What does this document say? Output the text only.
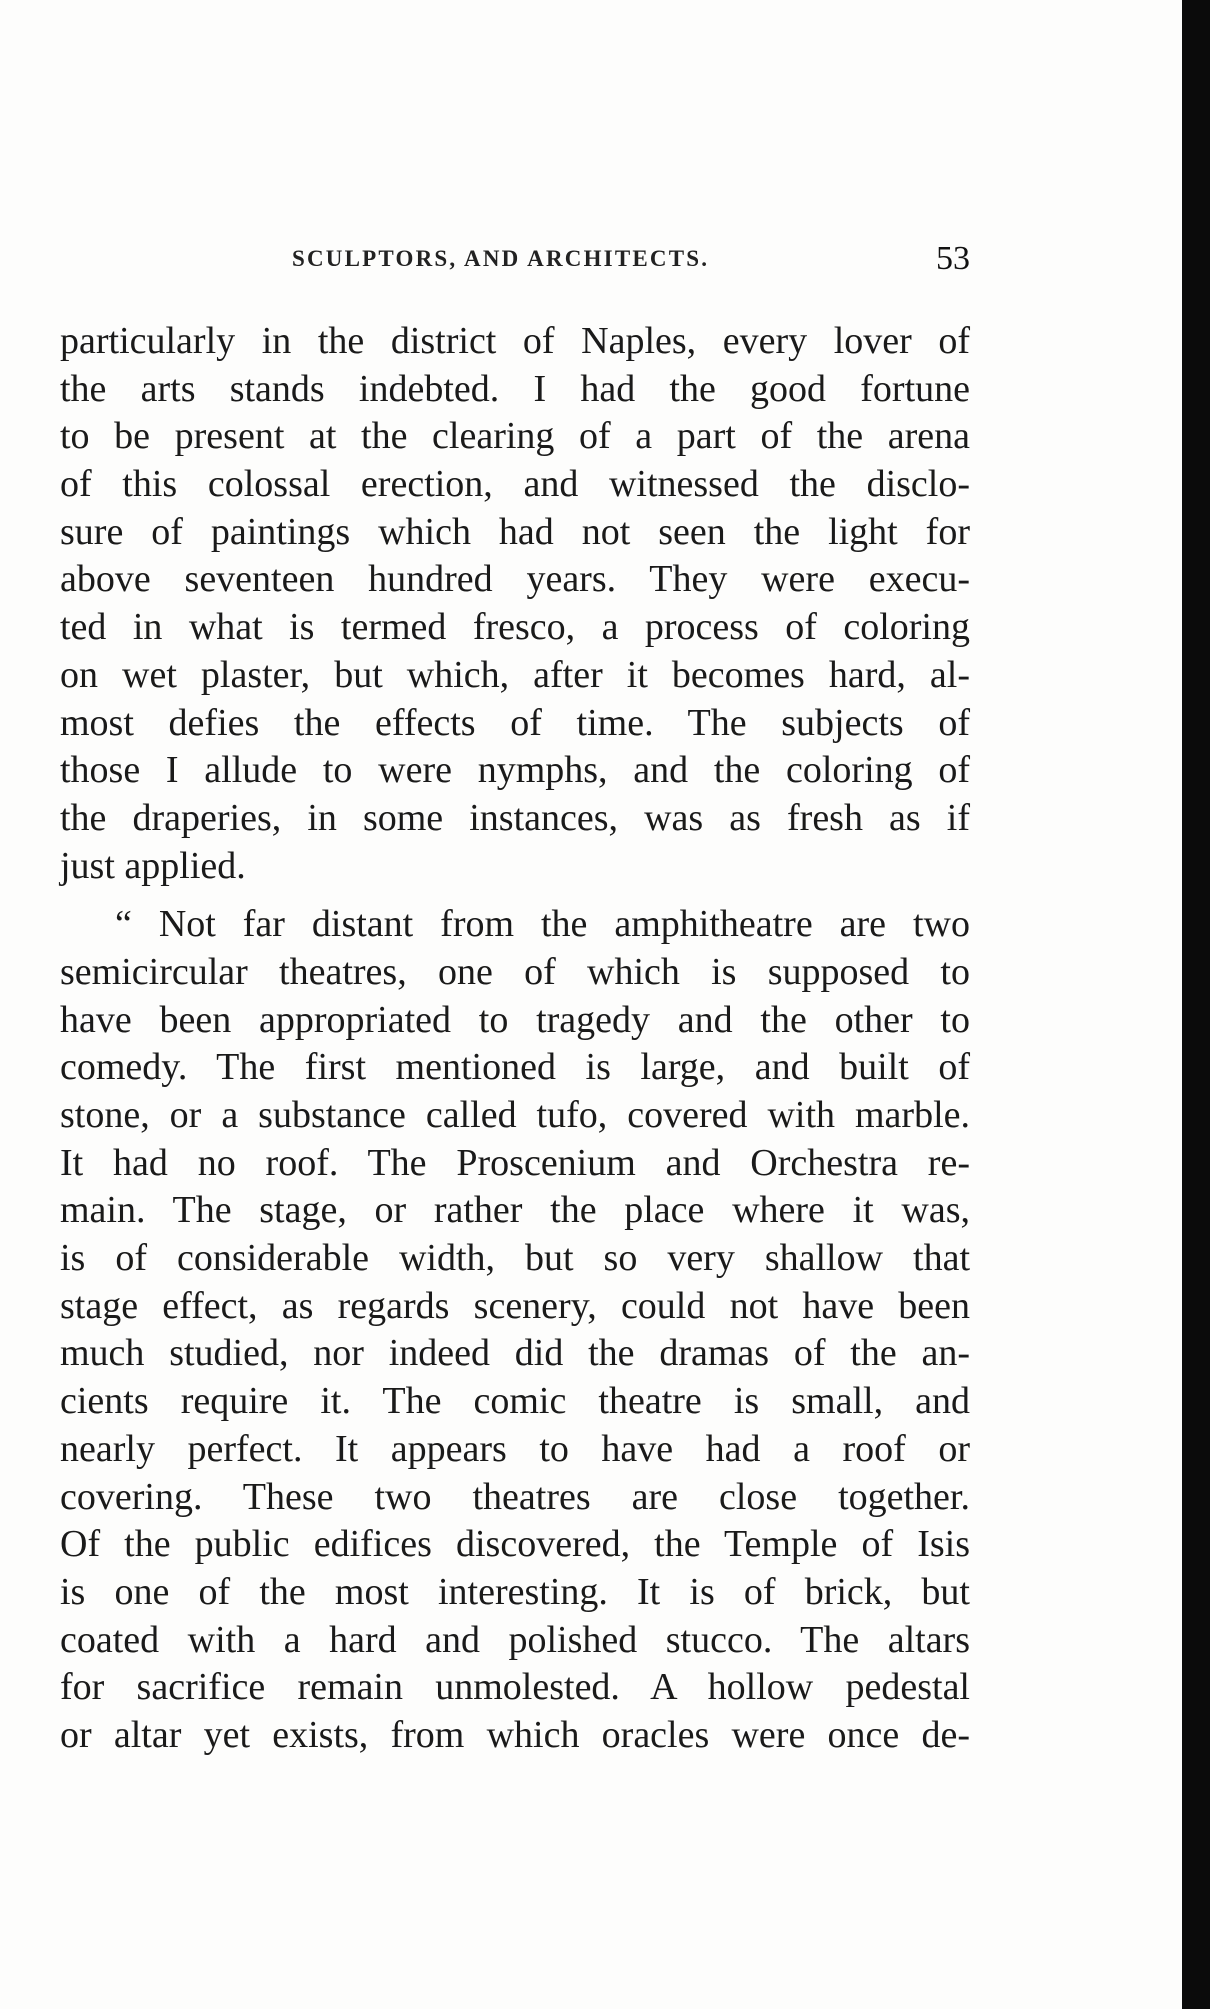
SCULPTORS, AND ARCHITECTS.	53
particularly in the district of Naples, every lover of
the arts stands indebted. I had the good fortune
to be present at the clearing of a part of the arena
of this colossal erection, and witnessed the disclo-
sure of paintings which had not seen the light for
above seventeen hundred years. They were execu-
ted in what is termed fresco, a process of coloring
on wet plaster, but which, after it becomes hard, al-
most defies the effects of time. The subjects of
those I allude to were nymphs, and the coloring of
the draperies, in some instances, was as fresh as if
just applied.
“ Not far distant from the amphitheatre are two
semicircular theatres, one of which is supposed to
have been appropriated to tragedy and the other to
comedy. The first mentioned is large, and built of
stone, or a substance called tufo, covered with marble.
It had no roof. The Proscenium and Orchestra re-
main. The stage, or rather the place where it was,
is of considerable width, but so very shallow that
stage effect, as regards scenery, could not have been
much studied, nor indeed did the dramas of the an-
cients require it. The comic theatre is small, and
nearly perfect. It appears to have had a roof or
covering. These two theatres are close together.
Of the public edifices discovered, the Temple of Isis
is one of the most interesting. It is of brick, but
coated with a hard and polished stucco. The altars
for sacrifice remain unmolested. A hollow pedestal
or altar yet exists, from which oracles were once de-
